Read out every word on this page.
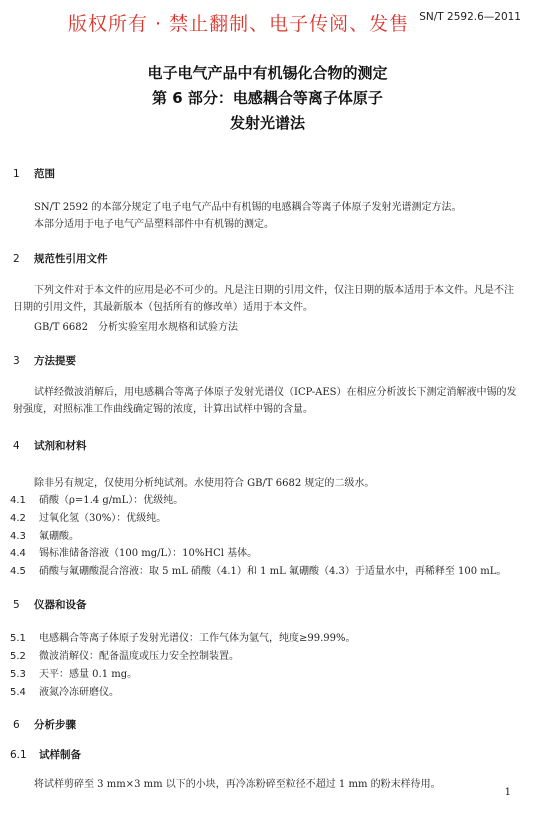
版权所有 · 禁止翻制、电子传阅、发售 SN/T 2592.6—2011
电子电气产品中有机锡化合物的测定
第 6 部分：电感耦合等离子体原子
发射光谱法
1 范围
SN/T 2592 的本部分规定了电子电气产品中有机锡的电感耦合等离子体原子发射光谱测定方法。
本部分适用于电子电气产品塑料部件中有机锡的测定。
2 规范性引用文件
下列文件对于本文件的应用是必不可少的。凡是注日期的引用文件，仅注日期的版本适用于本文件。凡是不注日期的引用文件，其最新版本（包括所有的修改单）适用于本文件。
GB/T 6682　分析实验室用水规格和试验方法
3 方法提要
试样经微波消解后，用电感耦合等离子体原子发射光谱仪（ICP-AES）在相应分析波长下测定消解液中锡的发射强度，对照标准工作曲线确定锡的浓度，计算出试样中锡的含量。
4 试剂和材料
除非另有规定，仅使用分析纯试剂。水使用符合 GB/T 6682 规定的二级水。
4.1 硝酸（ρ=1.4 g/mL）：优级纯。
4.2 过氧化氢（30%）：优级纯。
4.3 氟硼酸。
4.4 锡标准储备溶液（100 mg/L）：10%HCl 基体。
4.5 硝酸与氟硼酸混合溶液：取 5 mL 硝酸（4.1）和 1 mL 氟硼酸（4.3）于适量水中，再稀释至 100 mL。
5 仪器和设备
5.1 电感耦合等离子体原子发射光谱仪：工作气体为氩气，纯度≥99.99%。
5.2 微波消解仪：配备温度或压力安全控制装置。
5.3 天平：感量 0.1 mg。
5.4 液氮冷冻研磨仪。
6 分析步骤
6.1 试样制备
将试样剪碎至 3 mm×3 mm 以下的小块，再冷冻粉碎至粒径不超过 1 mm 的粉末样待用。
1
